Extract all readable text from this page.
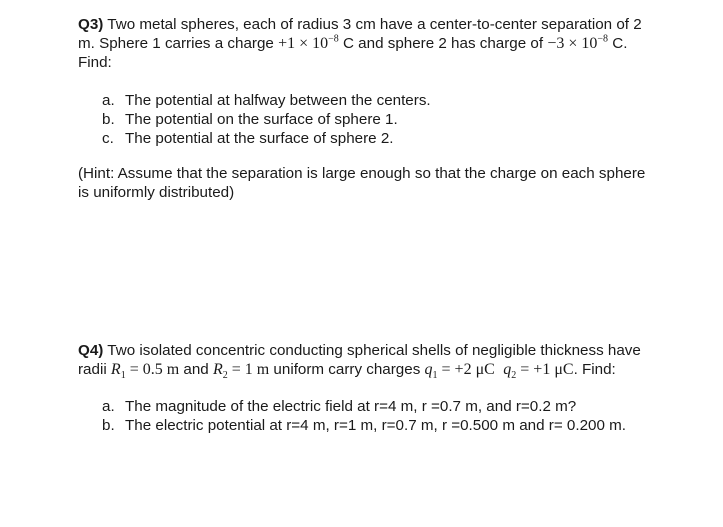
Q3) Two metal spheres, each of radius 3 cm have a center-to-center separation of 2
m. Sphere 1 carries a charge $+1 \times 10^{-8}$ C and sphere 2 has charge of $-3 \times 10^{-8}$ C.
Find:
a. The potential at halfway between the centers.
b. The potential on the surface of sphere 1.
c. The potential at the surface of sphere 2.
(Hint: Assume that the separation is large enough so that the charge on each sphere
is uniformly distributed)
Q4) Two isolated concentric conducting spherical shells of negligible thickness have
radii $R_1 = 0.5$ m and $R_2 = 1$ m uniform carry charges $q_1 = +2$ μC $q_2 = +1$ μC. Find:
a. The magnitude of the electric field at r=4 m, r =0.7 m, and r=0.2 m?
b. The electric potential at r=4 m, r=1 m, r=0.7 m, r =0.500 m and r= 0.200 m.
